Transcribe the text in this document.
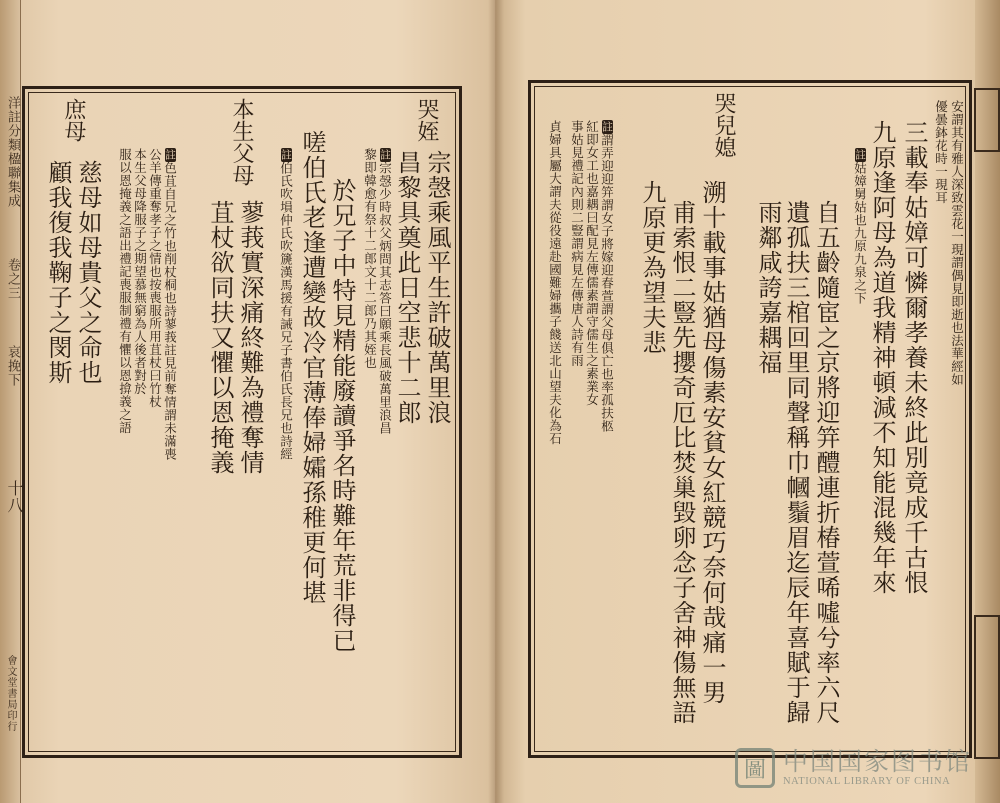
洋註分類楹聯集成
卷之三
哀挽下
十八
會文堂書局印行
哭姪
宗愨乘風平生許破萬里浪
昌黎具奠此日空悲十二郎
註宗愨少時叔父炳問其志答曰願乘長風破萬里浪昌
黎即韓愈有祭十二郎文十二郎乃其姪也
於兄子中特見精能廢讀爭名時難年荒非得已
嗟伯氏老逢遭變故冷官薄俸婦孀孫稚更何堪
註伯氏吹塤仲氏吹篪漢馬援有誡兄子書伯氏長兄也詩經
本生父母
蓼莪實深痛終難為禮奪情
苴杖欲同扶又懼以恩掩義
註色苴自兄之竹也削杖桐也詩蓼莪註見前奪情謂未滿喪
公羊傳重奪孝子之情也按喪服所用苴杖曰竹杖
本生父母降服子之期望慕無窮為人後者對於
服以恩掩義之語出禮記喪服制禮有懼以恩揜義之語
庶母
慈母如母貴父之命也
顧我復我鞠子之閔斯	安謂其有雅人深致雲花一現謂偶見即逝也法華經如
優曇鉢花時一現耳
三載奉姑嫜可憐爾孝養未終此別竟成千古恨
九原逢阿母為道我精神頓減不知能混幾年來
註姑嫜舅姑也九原九泉之下
自五齡隨宦之京將迎笄醴連折椿萱唏噓兮率六尺
遺孤扶三棺回里同聲稱巾幗鬚眉迄辰年喜賦于歸
雨鄰咸誇嘉耦福
哭兒媳
溯十載事姑猶母傷素安貧女紅競巧奈何哉痛一男
甫索恨二豎先攖奇厄比焚巢毀卵念子舍神傷無語
九原更為望夫悲
註謂弄迎迎笄謂女子將嫁迎春萱謂父母俱亡也率孤扶柩
紅即女工也嘉耦曰配見左傳儒素謂守儒生之素業女
事姑見禮記內則二豎謂病見左傳唐人詩有雨
貞婦具屬大謂夫從役遠赴國難婦攜子餞送北山望夫化為石
圖 中国国家图书馆
NATIONAL LIBRARY OF CHINA
